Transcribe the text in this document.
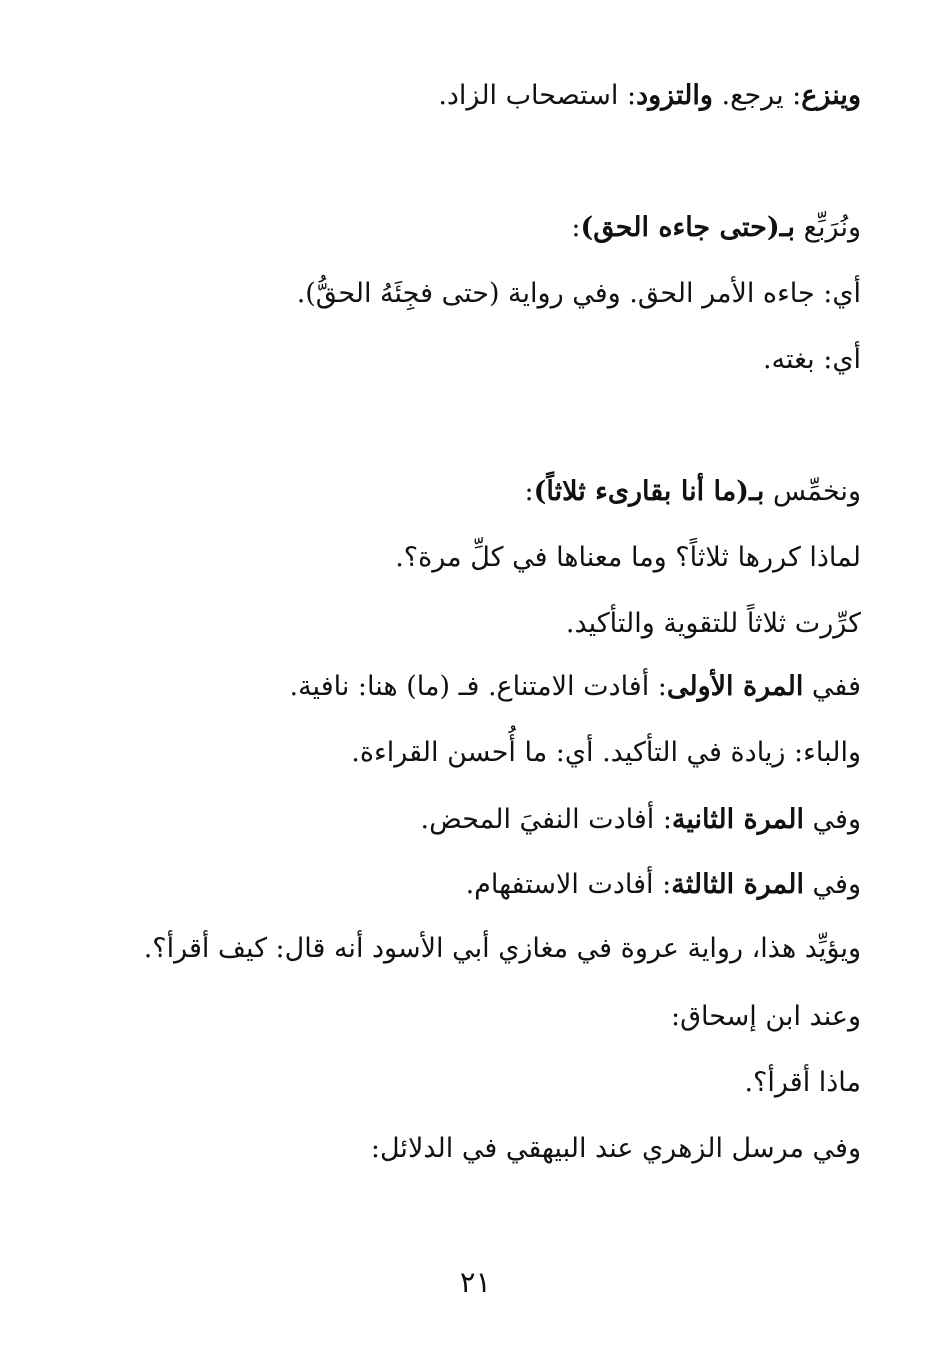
وينزع: يرجع. والتزود: استصحاب الزاد.
ونُرَبِّع بـ(حتى جاءه الحق):
أي: جاءه الأمر الحق. وفي رواية (حتى فجِئَهُ الحقُّ).
أي: بغته.
ونخمِّس بـ(ما أنا بقارىء ثلاثاً):
لماذا كررها ثلاثاً؟ وما معناها في كلِّ مرة؟.
كرِّرت ثلاثاً للتقوية والتأكيد.
ففي المرة الأولى: أفادت الامتناع. فـ (ما) هنا: نافية.
والباء: زيادة في التأكيد. أي: ما أُحسن القراءة.
وفي المرة الثانية: أفادت النفيَ المحض.
وفي المرة الثالثة: أفادت الاستفهام.
ويؤيِّد هذا، رواية عروة في مغازي أبي الأسود أنه قال: كيف أقرأ؟.
وعند ابن إسحاق:
ماذا أقرأ؟.
وفي مرسل الزهري عند البيهقي في الدلائل:
٢١
